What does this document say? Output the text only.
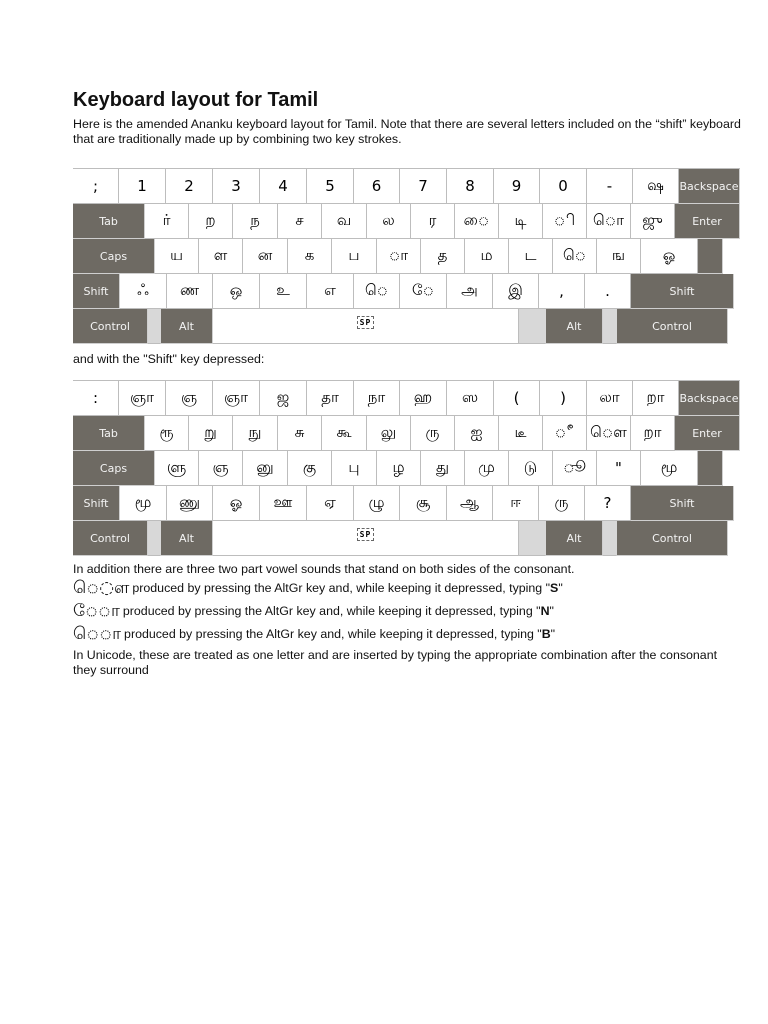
Keyboard layout for Tamil

Here is the amended Ananku keyboard layout for Tamil. Note that there are several letters included on the “shift” keyboard that are traditionally made up by combining two key strokes.

;	1	2	3	4	5	6	7	8	9	0	-	ஷ	Backspace
Tab	ர்	ற	ந	ச	வ	ல	ர	ை	டி	ி	ொ	ஜு	Enter
Caps	ய	ள	ன	க	ப	ா	த	ம	ட	ெ	ங	ஓ
Shift	ஃ	ண	ஒ	உ	எ	ெ	ே	அ	இ	,	.	Shift
Control	Alt	SP	Alt	Control

and with the "Shift" key depressed:

:	ஞா	ஞ	ஞா	ஜ	தா	நா	ஹ	ஸ	(	)	லா	றா	Backspace
Tab	ரூ	று	நு	சு	கூ	லு	ரு	ஐ	டீ	ீ	ௌ	றா	Enter
Caps	ளு	ஞ	னு	கு	பு	ழ	து	மு	டு	ூ	"	மூ
Shift	மூ	ணு	ஓ	ஊ	ஏ	ழு	சூ	ஆ	ஈ	ரு	?	Shift
Control	Alt	SP	Alt	Control

In addition there are three two part vowel sounds that stand on both sides of the consonant.

ெ◌ள produced by pressing the AltGr key and, while keeping it depressed, typing " S "
ே◌ா produced by pressing the AltGr key and, while keeping it depressed, typing " N "
ெ◌ா produced by pressing the AltGr key and, while keeping it depressed, typing " B "

In Unicode, these are treated as one letter and are inserted by typing the appropriate combination after the consonant they surround
